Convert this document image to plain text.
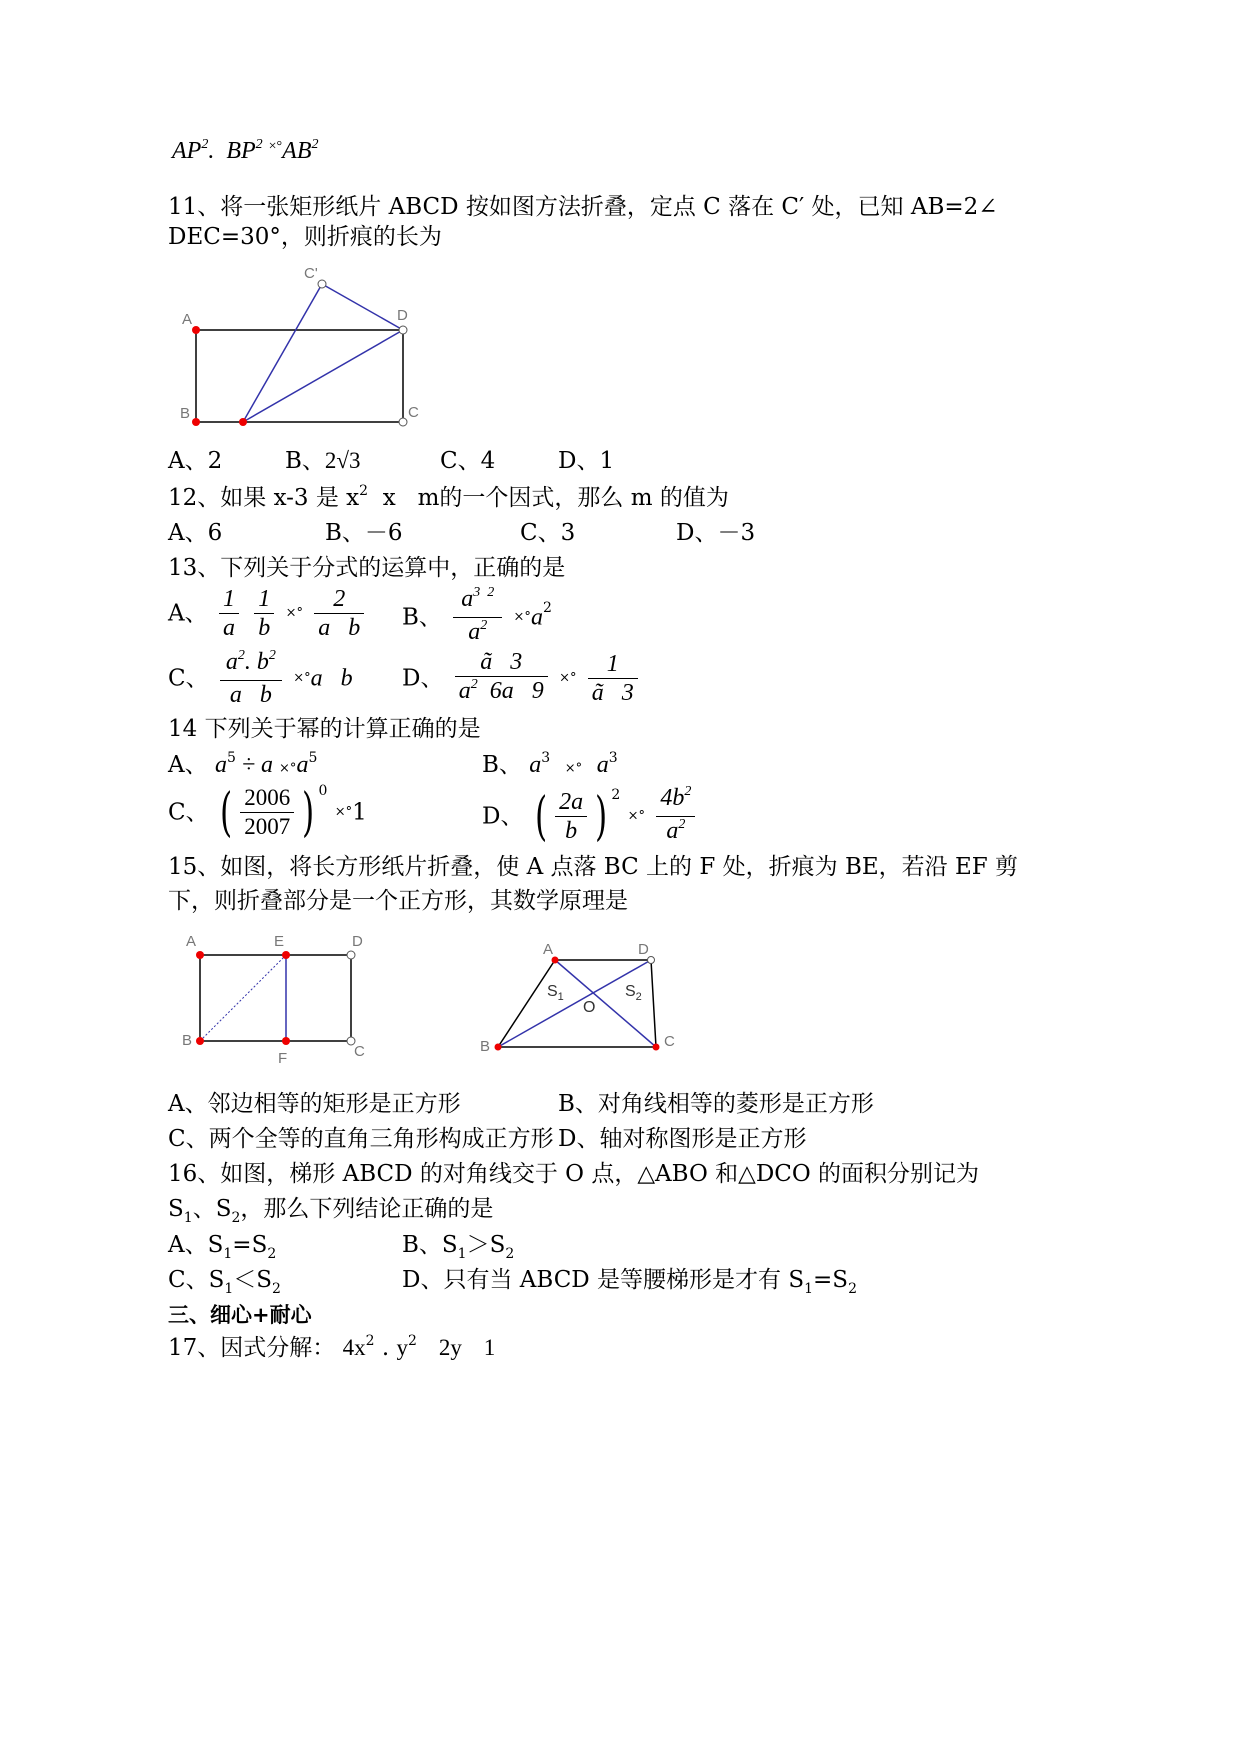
$AP^2$. $BP^2$ $^{\times^\circ}AB^2$
11、将一张矩形纸片 ABCD 按如图方法折叠，定点 C 落在 C′ 处，已知 AB=2∠
DEC=30°，则折痕的长为
A
B
D
C
C'
A、2	B、2√3	C、4	D、1
12、如果 x-3 是 $x^2$  x   m的一个因式，那么 m 的值为
A、6	B、－6	C、3	D、－3
13、下列关于分式的运算中，正确的是
A、 $\frac{1}{a}$
$\frac{1}{b}$ ×° $\frac{2}{\text{a   b}}$ B、 $\frac{a^{3 2}}{a^2} \times^\circ a^2$
C、 $\frac{a^2. b^2}{\text{a   b}} \times^\circ a$   b D、 $\frac{ã 3}{a^2 6a 9}$ ×° $\frac{1}{ã 3}$
14 下列关于幂的计算正确的是
A、 $a^5 \div a \times^\circ a^5$	B、 $a^3$  ×° $a^3$
C、 ( $\frac{2006}{2007}$ ) $^0$ ×°1	D、 ( $\frac{2a}{b}$ ) $^2$ ×° $\frac{4b^2}{a^2}$
15、如图，将长方形纸片折叠，使 A 点落 BC 上的 F 处，折痕为 BE，若沿 EF 剪
下，则折叠部分是一个正方形，其数学原理是
A	E	D
B
F	C
A	D
B	C
O
$S_1$	$S_2$
A、邻边相等的矩形是正方形	B、对角线相等的菱形是正方形
C、两个全等的直角三角形构成正方形 D、轴对称图形是正方形
16、如图，梯形 ABCD 的对角线交于 O 点，△ABO 和△DCO 的面积分别记为
$S_1$、$S_2$，那么下列结论正确的是
A、$S_1=S_2$	B、$S_1>S_2$
C、$S_1<S_2$	D、只有当 ABCD 是等腰梯形是才有 $S_1=S_2$
三、细心+耐心
17、因式分解： $4x^2$ . $y^2$ 2y 1
